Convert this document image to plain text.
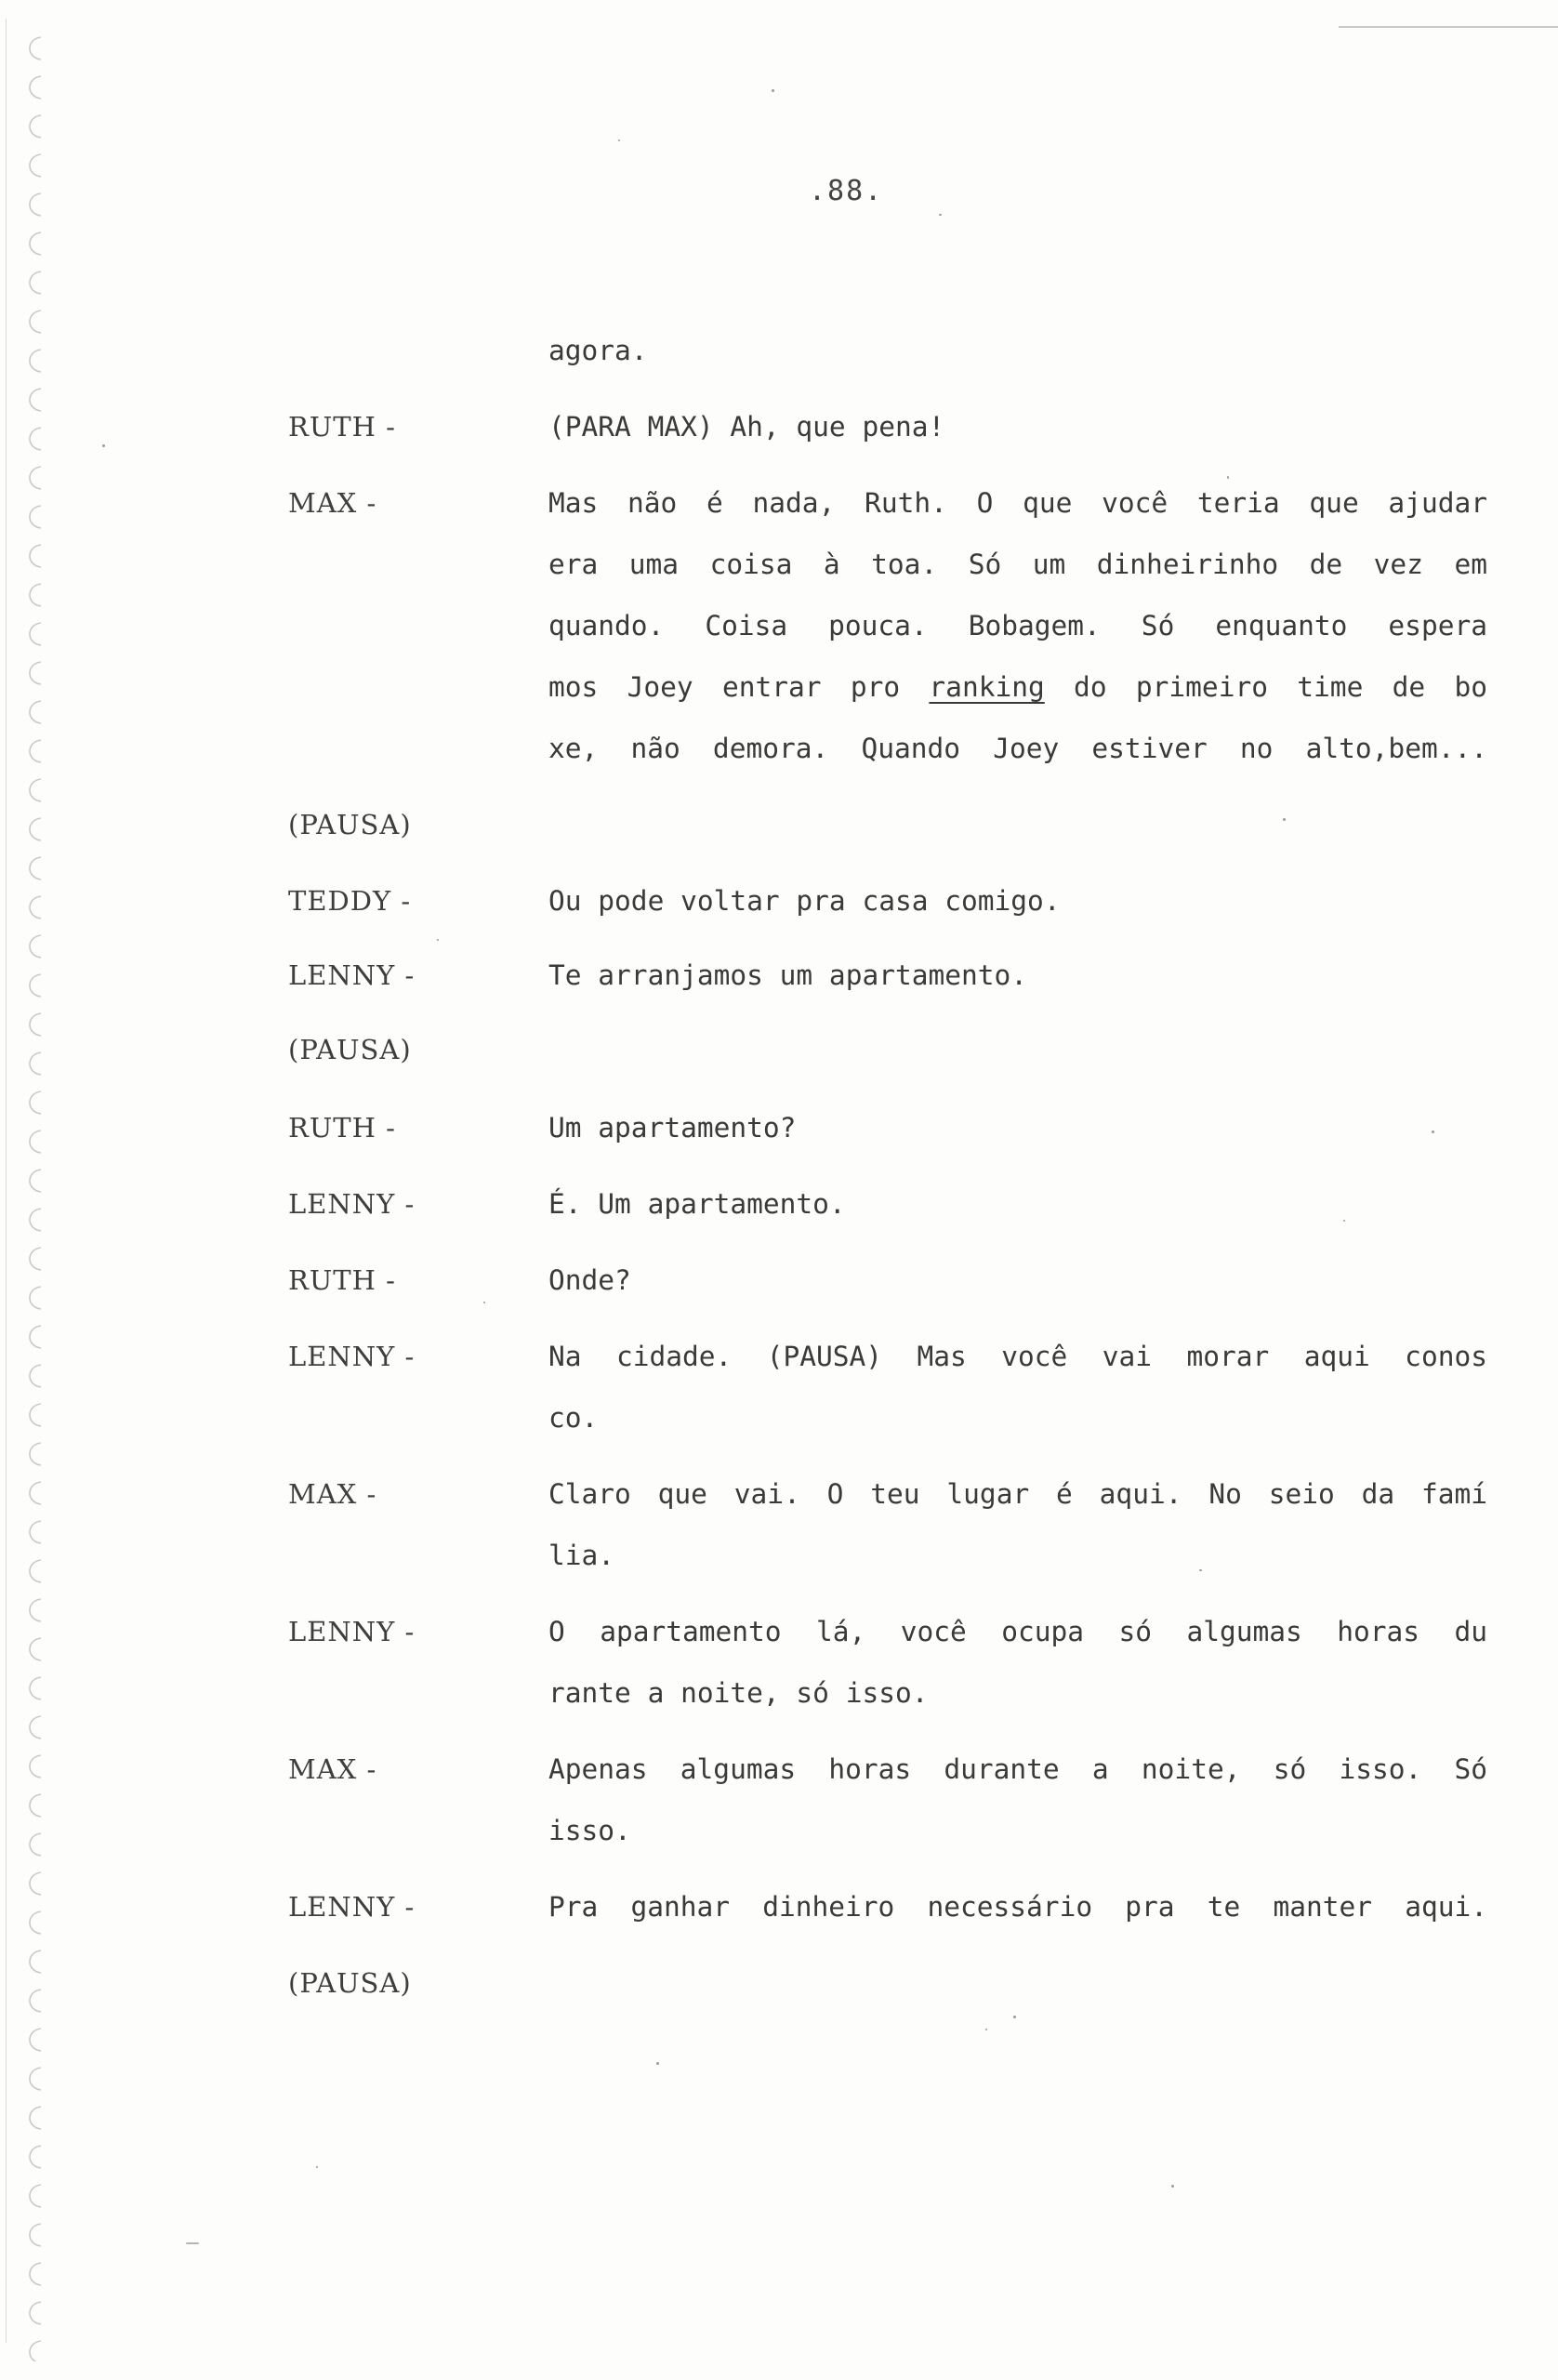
.88.
agora.
RUTH -	(PARA MAX) Ah, que pena!
MAX -	Mas não é nada, Ruth. O que você teria que ajudar
era uma coisa à toa. Só um dinheirinho de vez em
quando. Coisa pouca. Bobagem. Só enquanto espera
mos Joey entrar pro ranking do primeiro time de bo
xe, não demora. Quando Joey estiver no alto,bem...
(PAUSA)
TEDDY -	Ou pode voltar pra casa comigo.
LENNY -	Te arranjamos um apartamento.
(PAUSA)
RUTH -	Um apartamento?
LENNY -	É. Um apartamento.
RUTH -	Onde?
LENNY -	Na cidade. (PAUSA) Mas você vai morar aqui conos
co.
MAX -	Claro que vai. O teu lugar é aqui. No seio da famí
lia.
LENNY -	O apartamento lá, você ocupa só algumas horas du
rante a noite, só isso.
MAX -	Apenas algumas horas durante a noite, só isso. Só
isso.
LENNY -	Pra ganhar dinheiro necessário pra te manter aqui.
(PAUSA)
